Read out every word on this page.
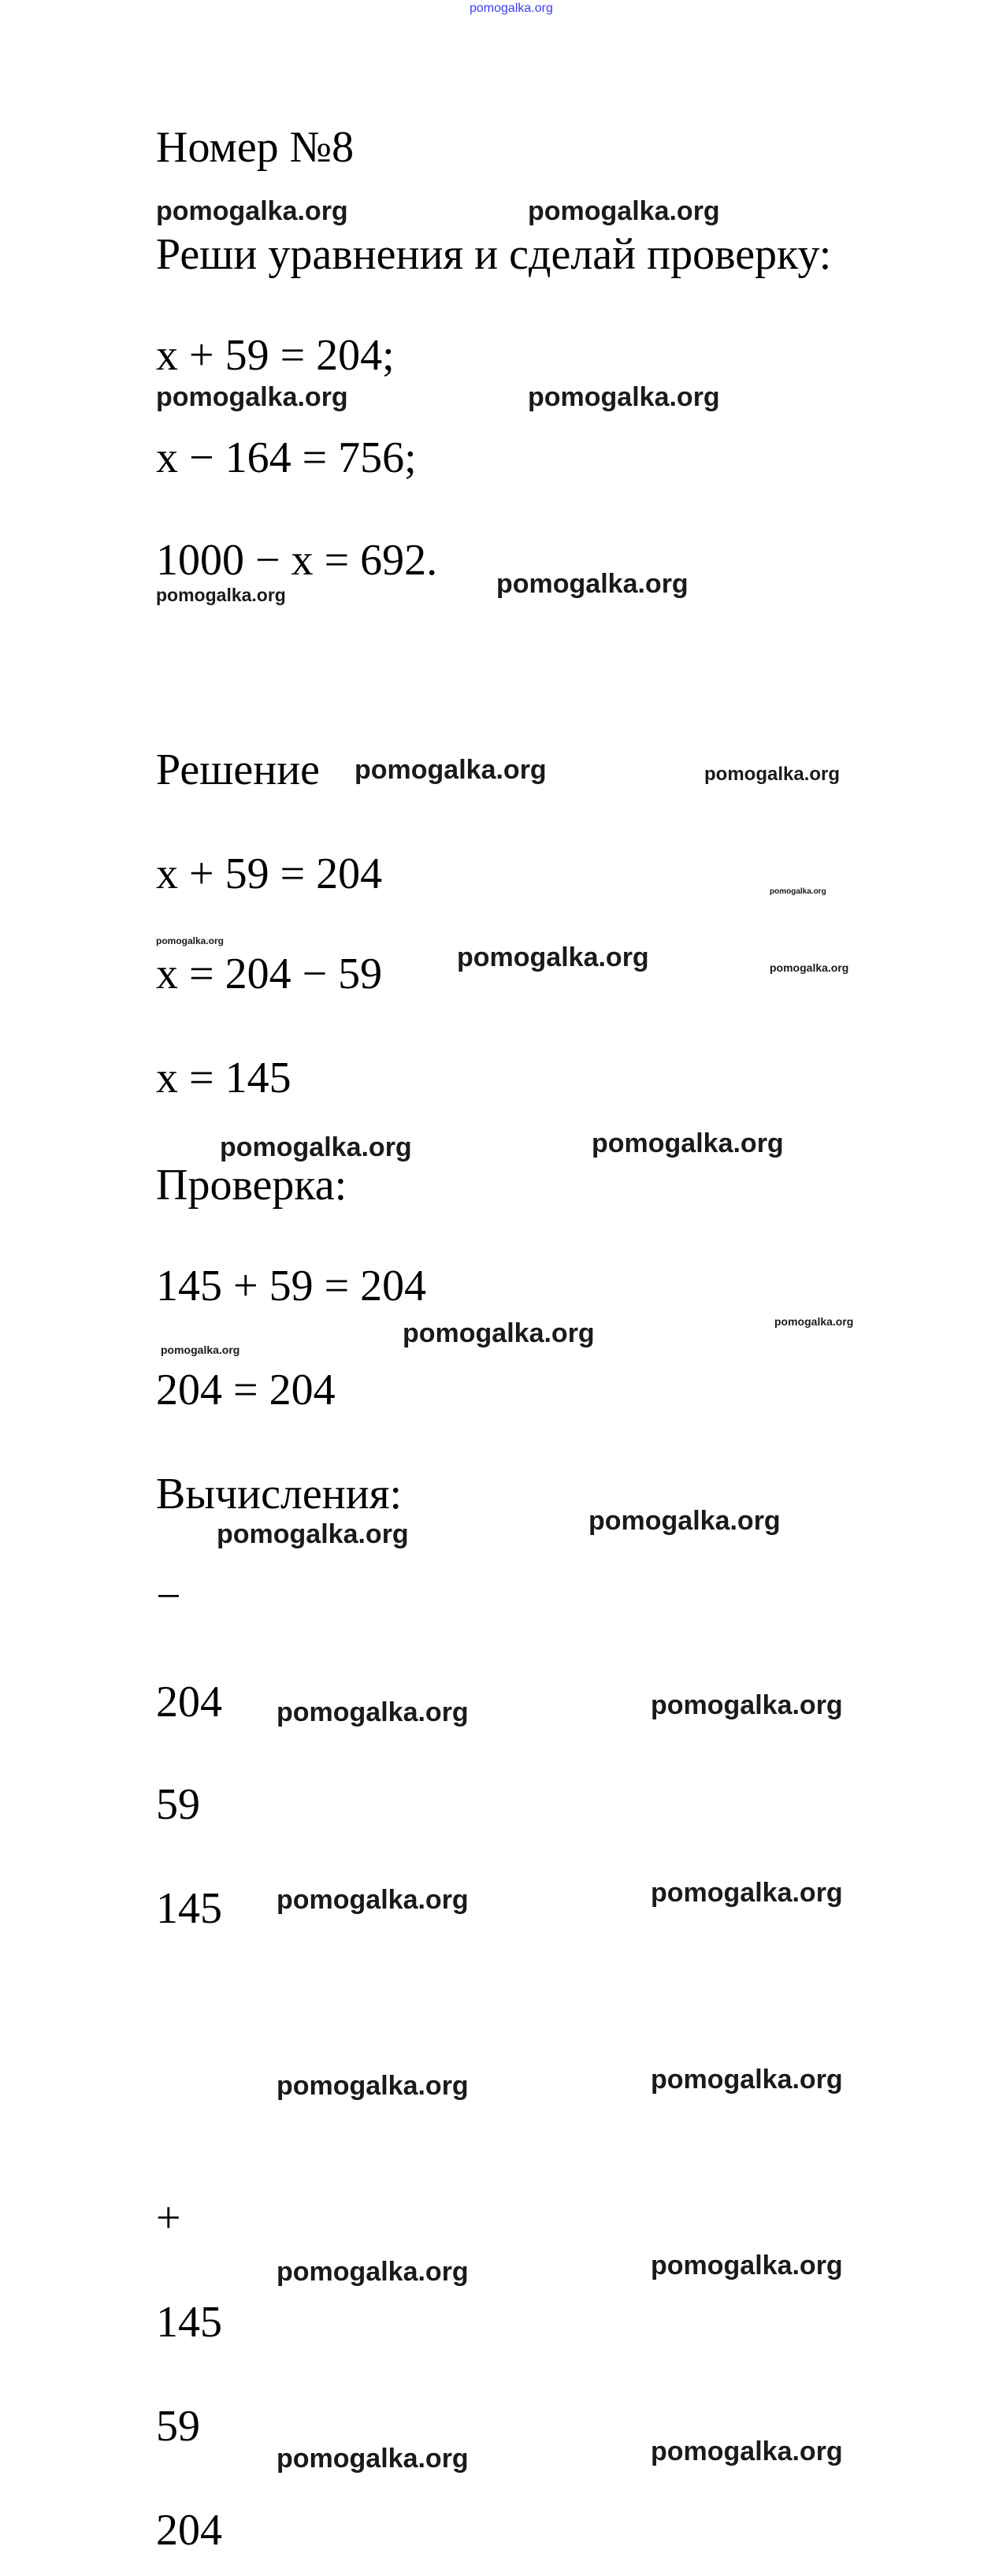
pomogalka.org
Номер №8
Реши уравнения и сделай проверку:
x + 59 = 204;
x − 164 = 756;
1000 − x = 692.
Решение
x + 59 = 204
x = 204 − 59
x = 145
Проверка:
145 + 59 = 204
204 = 204
Вычисления:
−
204
59
145
+
145
59
204
pomogalka.org	pomogalka.org
pomogalka.org	pomogalka.org
pomogalka.org
pomogalka.org
pomogalka.org	pomogalka.org
pomogalka.org
pomogalka.org
pomogalka.org	pomogalka.org
pomogalka.org	pomogalka.org
pomogalka.org	pomogalka.org
pomogalka.org
pomogalka.org	pomogalka.org
pomogalka.org	pomogalka.org
pomogalka.org	pomogalka.org
pomogalka.org	pomogalka.org
pomogalka.org	pomogalka.org
pomogalka.org	pomogalka.org
